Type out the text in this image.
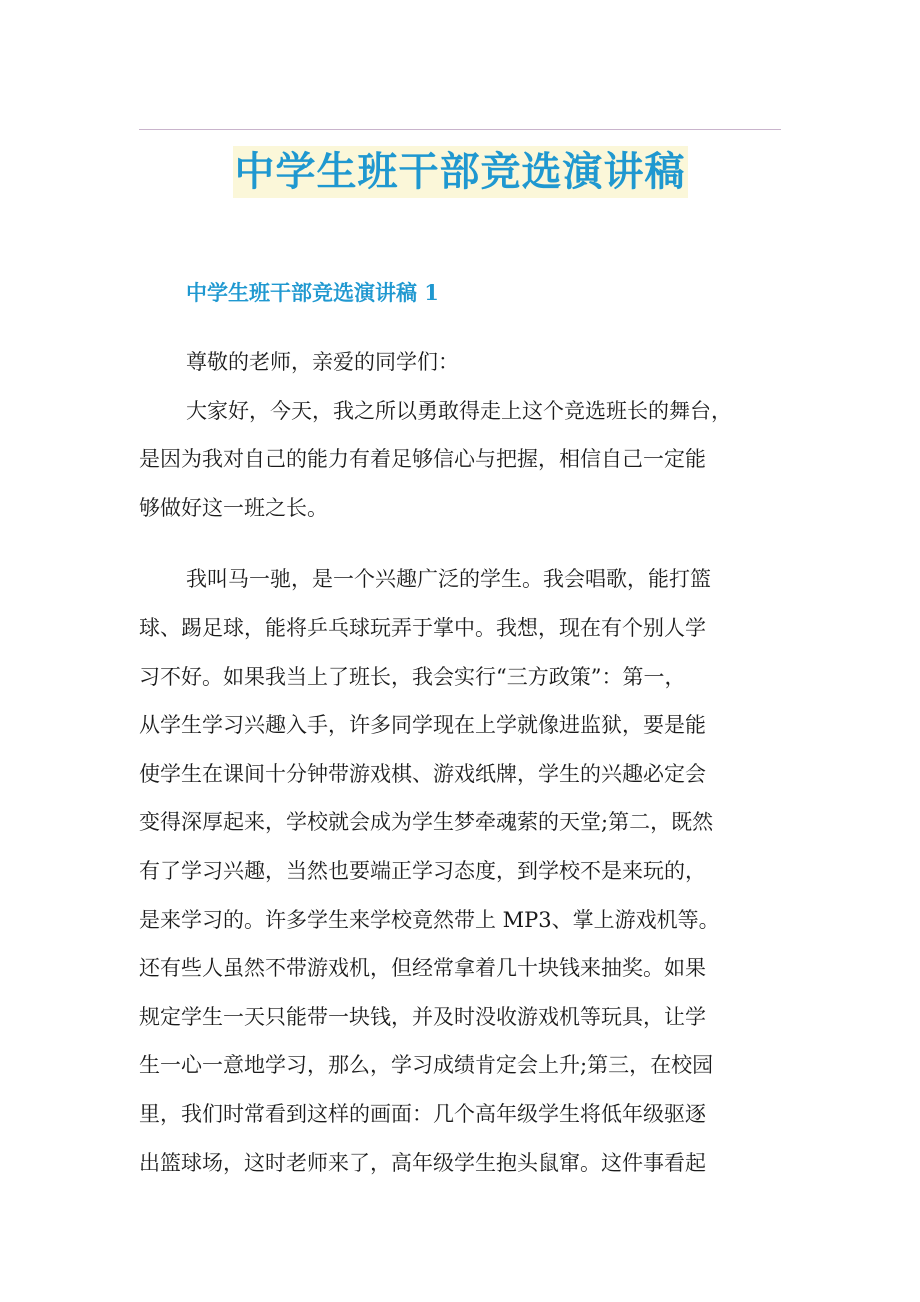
中学生班干部竞选演讲稿
中学生班干部竞选演讲稿 1
尊敬的老师，亲爱的同学们：
大家好，今天，我之所以勇敢得走上这个竞选班长的舞台，
是因为我对自己的能力有着足够信心与把握，相信自己一定能
够做好这一班之长。
我叫马一驰，是一个兴趣广泛的学生。我会唱歌，能打篮
球、踢足球，能将乒乓球玩弄于掌中。我想，现在有个别人学
习不好。如果我当上了班长，我会实行“三方政策”：第一，
从学生学习兴趣入手，许多同学现在上学就像进监狱，要是能
使学生在课间十分钟带游戏棋、游戏纸牌，学生的兴趣必定会
变得深厚起来，学校就会成为学生梦牵魂萦的天堂;第二，既然
有了学习兴趣，当然也要端正学习态度，到学校不是来玩的，
是来学习的。许多学生来学校竟然带上 MP3、掌上游戏机等。
还有些人虽然不带游戏机，但经常拿着几十块钱来抽奖。如果
规定学生一天只能带一块钱，并及时没收游戏机等玩具，让学
生一心一意地学习，那么，学习成绩肯定会上升;第三，在校园
里，我们时常看到这样的画面：几个高年级学生将低年级驱逐
出篮球场，这时老师来了，高年级学生抱头鼠窜。这件事看起
